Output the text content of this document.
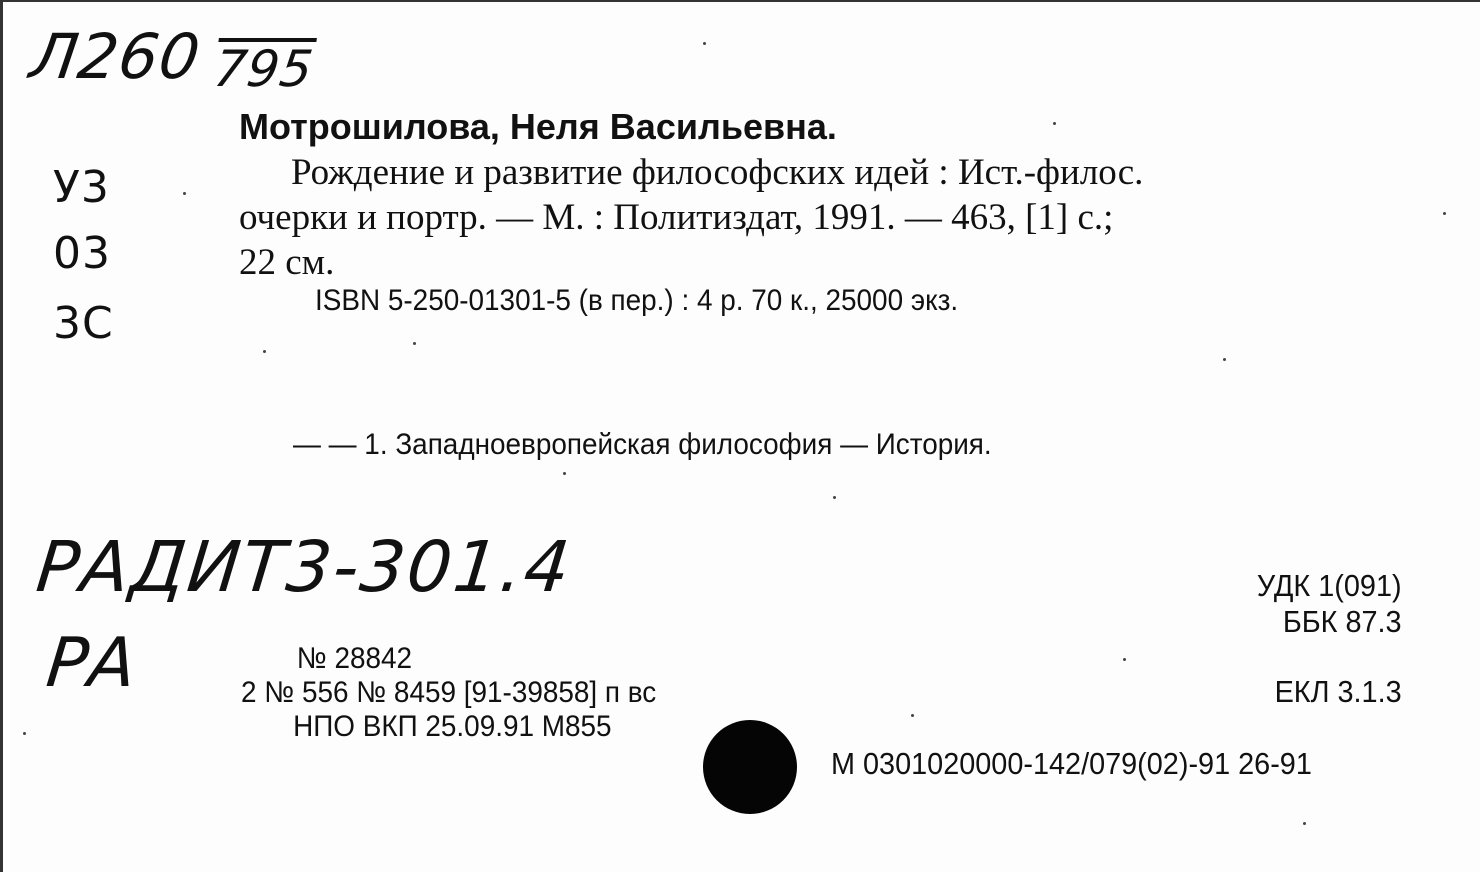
Л260 795
У3
03
3С
РАДИТ3-301.4
РА
Мотрошилова, Неля Васильевна.
Рождение и развитие философских идей : Ист.-филос.
очерки и портр. — М. : Политиздат, 1991. — 463, [1] с.;
22 см.
ISBN 5-250-01301-5 (в пер.) : 4 р. 70 к., 25000 экз.
— — 1. Западноевропейская философия — История.
УДК 1(091)
ББК 87.3
ЕКЛ 3.1.3
М 0301020000-142/079(02)-91 26-91
№ 28842
2 № 556 № 8459 [91-39858] п вс
НПО ВКП 25.09.91 М855
